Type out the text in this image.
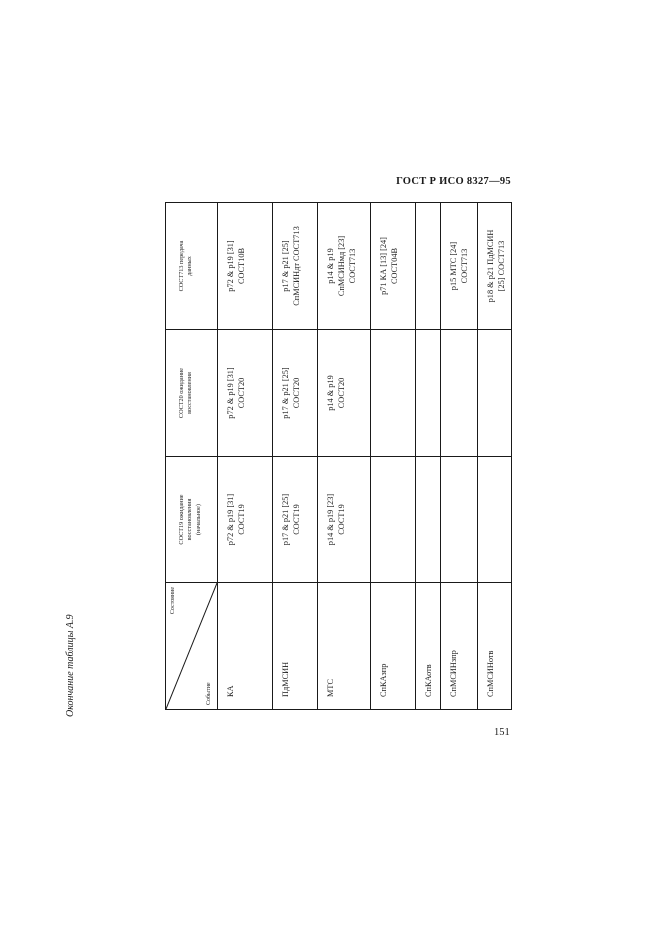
ГОСТ Р ИСО 8327—95
Окончание таблицы А.9
Состояние
Событие	СОСТ19 ожидание восстановления (начальное)	СОСТ20 ожидание восстановления	СОСТ713 передача данных

КА	p72 & p19 [31] СОСТ19	p72 & p19 [31] СОСТ20	p72 & p19 [31] СОСТ10В

ПдМСИН	p17 & p21 [25] СОСТ19	p17 & p21 [25] СОСТ20	p17 & p21 [25] СпМСИНдт СОСТ713

МТС	p14 & p19 [23] СОСТ19	p14 & p19 СОСТ20	p14 & p19 СпМСИНмд [23] СОСТ713

СпКАзпр			p71 КА [13] [24] СОСТ04В

СпКАотв			
СпМСИНзпр			p15 МТС [24] СОСТ713

СпМСИНотв			p18 & p21 ПдМСИН [25] СОСТ713
151
